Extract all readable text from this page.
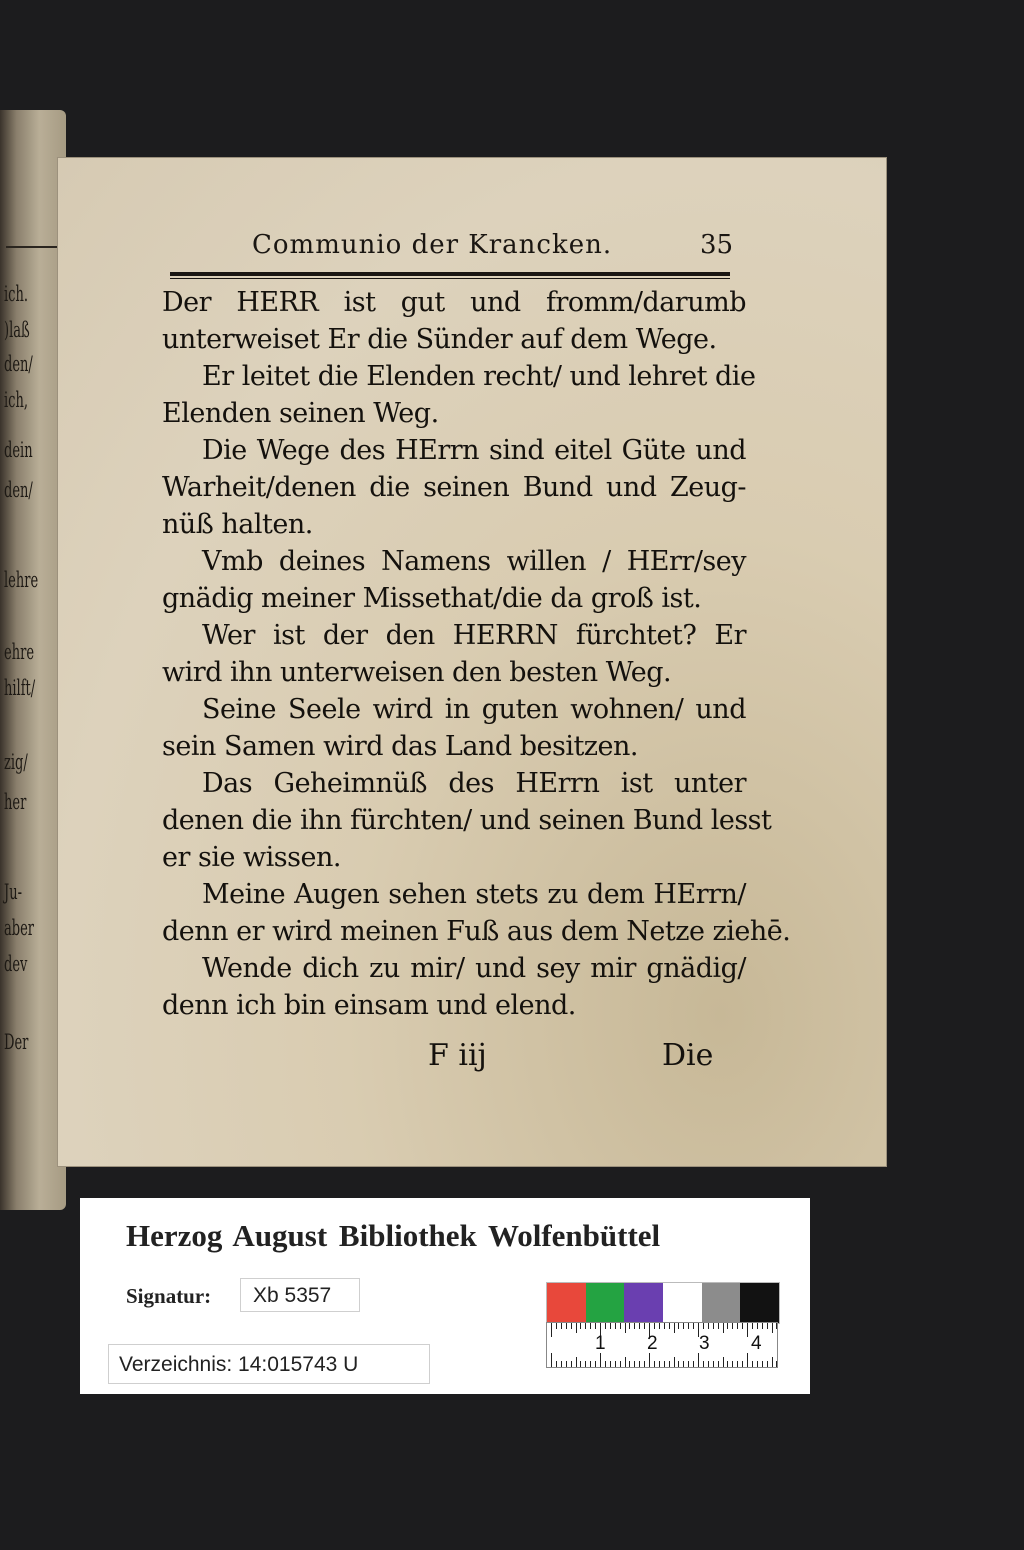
ich.
)laß
den/
ich,
dein
den/
lehre
ehre
hilft/
zig/
her
Ju-
aber
dev
Der
Communio der Krancken.	35
Der HERR ist gut und fromm/darumb
unterweiset Er die Sünder auf dem Wege.
Er leitet die Elenden recht/ und lehret die
Elenden seinen Weg.
Die Wege des HErrn sind eitel Güte und
Warheit/denen die seinen Bund und Zeug-
nüß halten.
Vmb deines Namens willen / HErr/sey
gnädig meiner Missethat/die da groß ist.
Wer ist der den HERRN fürchtet? Er
wird ihn unterweisen den besten Weg.
Seine Seele wird in guten wohnen/ und
sein Samen wird das Land besitzen.
Das Geheimnüß des HErrn ist unter
denen die ihn fürchten/ und seinen Bund lesst
er sie wissen.
Meine Augen sehen stets zu dem HErrn/
denn er wird meinen Fuß aus dem Netze ziehē.
Wende dich zu mir/ und sey mir gnädig/
denn ich bin einsam und elend.
F iij	Die
Herzog August Bibliothek Wolfenbüttel
Signatur:	Xb 5357
Verzeichnis: 14:015743 U
1 2 3 4
